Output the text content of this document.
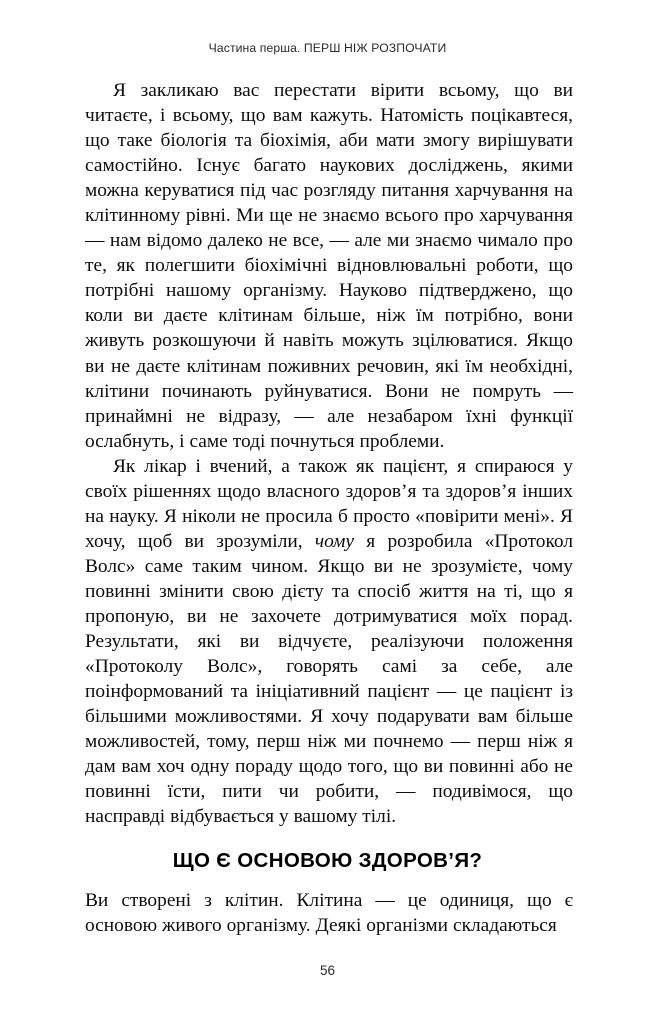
Частина перша. ПЕРШ НІЖ РОЗПОЧАТИ

Я закликаю вас перестати вірити всьому, що ви читаєте, і всьому, що вам кажуть. Натомість поцікавтеся, що таке біологія та біохімія, аби мати змогу вирішувати самостійно. Існує багато наукових досліджень, якими можна керуватися під час розгляду питання харчування на клітинному рівні. Ми ще не знаємо всього про харчування — нам відомо далеко не все, — але ми знаємо чимало про те, як полегшити біохімічні відновлювальні роботи, що потрібні нашому організму. Науково підтверджено, що коли ви даєте клітинам більше, ніж їм потрібно, вони живуть розкошуючи й навіть можуть зцілюватися. Якщо ви не даєте клітинам поживних речовин, які їм необхідні, клітини починають руйнуватися. Вони не помруть — принаймні не відразу, — але незабаром їхні функції ослабнуть, і саме тоді почнуться проблеми.

Як лікар і вчений, а також як пацієнт, я спираюся у своїх рішеннях щодо власного здоров’я та здоров’я інших на науку. Я ніколи не просила б просто «повірити мені». Я хочу, щоб ви зрозуміли, чому я розробила «Протокол Волс» саме таким чином. Якщо ви не зрозумієте, чому повинні змінити свою дієту та спосіб життя на ті, що я пропоную, ви не захочете дотримуватися моїх порад. Результати, які ви відчуєте, реалізуючи положення «Протоколу Волс», говорять самі за себе, але поінформований та ініціативний пацієнт — це пацієнт із більшими можливостями. Я хочу подарувати вам більше можливостей, тому, перш ніж ми почнемо — перш ніж я дам вам хоч одну пораду щодо того, що ви повинні або не повинні їсти, пити чи робити, — подивімося, що насправді відбувається у вашому тілі.

ЩО Є ОСНОВОЮ ЗДОРОВ’Я?

Ви створені з клітин. Клітина — це одиниця, що є основою живого організму. Деякі організми складаються

56
